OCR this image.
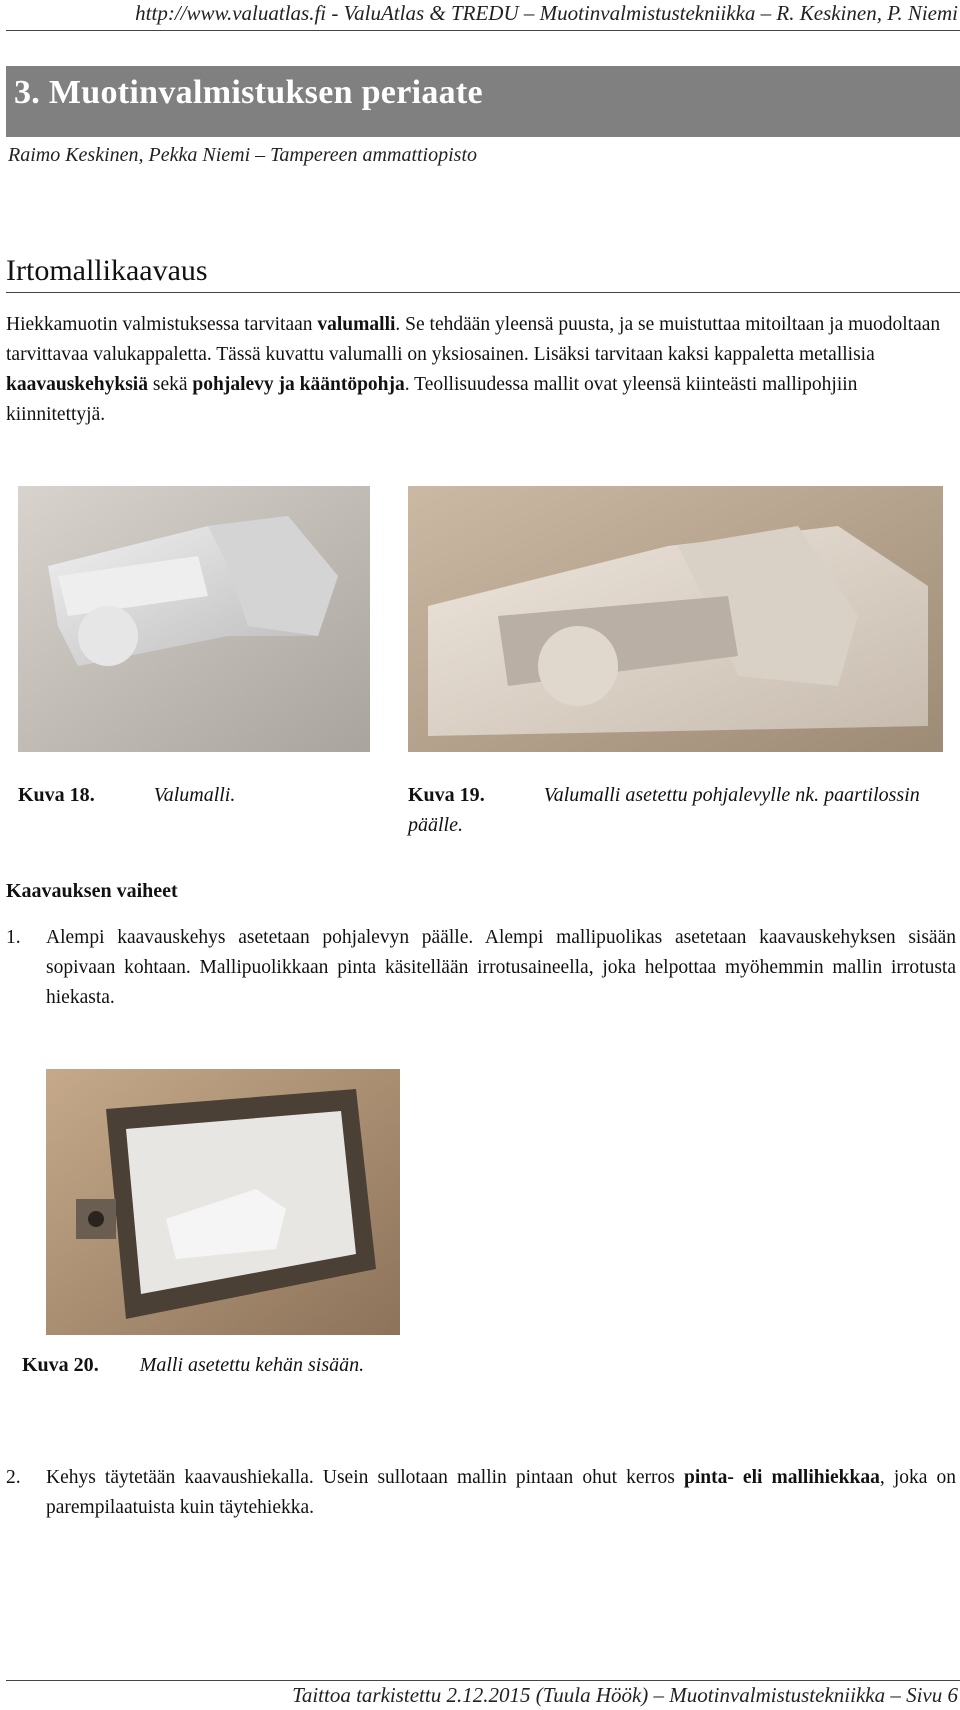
http://www.valuatlas.fi - ValuAtlas & TREDU – Muotinvalmistustekniikka – R. Keskinen, P. Niemi
3. Muotinvalmistuksen periaate
Raimo Keskinen, Pekka Niemi – Tampereen ammattiopisto
Irtomallikaavaus
Hiekkamuotin valmistuksessa tarvitaan valumalli. Se tehdään yleensä puusta, ja se muistuttaa mitoiltaan ja muodoltaan tarvittavaa valukappaletta. Tässä kuvattu valumalli on yksiosainen. Lisäksi tarvitaan kaksi kappaletta metallisia kaavauskehyksiä sekä pohjalevy ja kääntöpohja. Teollisuudessa mallit ovat yleensä kiinteästi mallipohjiin kiinnitettyjä.
Kuva 18.	Valumalli.	Kuva 19.	Valumalli asetettu pohjalevylle nk. paartilossin päälle.
Kaavauksen vaiheet
1. Alempi kaavauskehys asetetaan pohjalevyn päälle. Alempi mallipuolikas asetetaan kaavauskehyksen sisään sopivaan kohtaan. Mallipuolikkaan pinta käsitellään irrotusaineella, joka helpottaa myöhemmin mallin irrotusta hiekasta.
Kuva 20. Malli asetettu kehän sisään.
2. Kehys täytetään kaavaushiekalla. Usein sullotaan mallin pintaan ohut kerros pinta- eli mallihiekkaa, joka on parempilaatuista kuin täytehiekka.
Taittoa tarkistettu 2.12.2015 (Tuula Höök) – Muotinvalmistustekniikka – Sivu 6
